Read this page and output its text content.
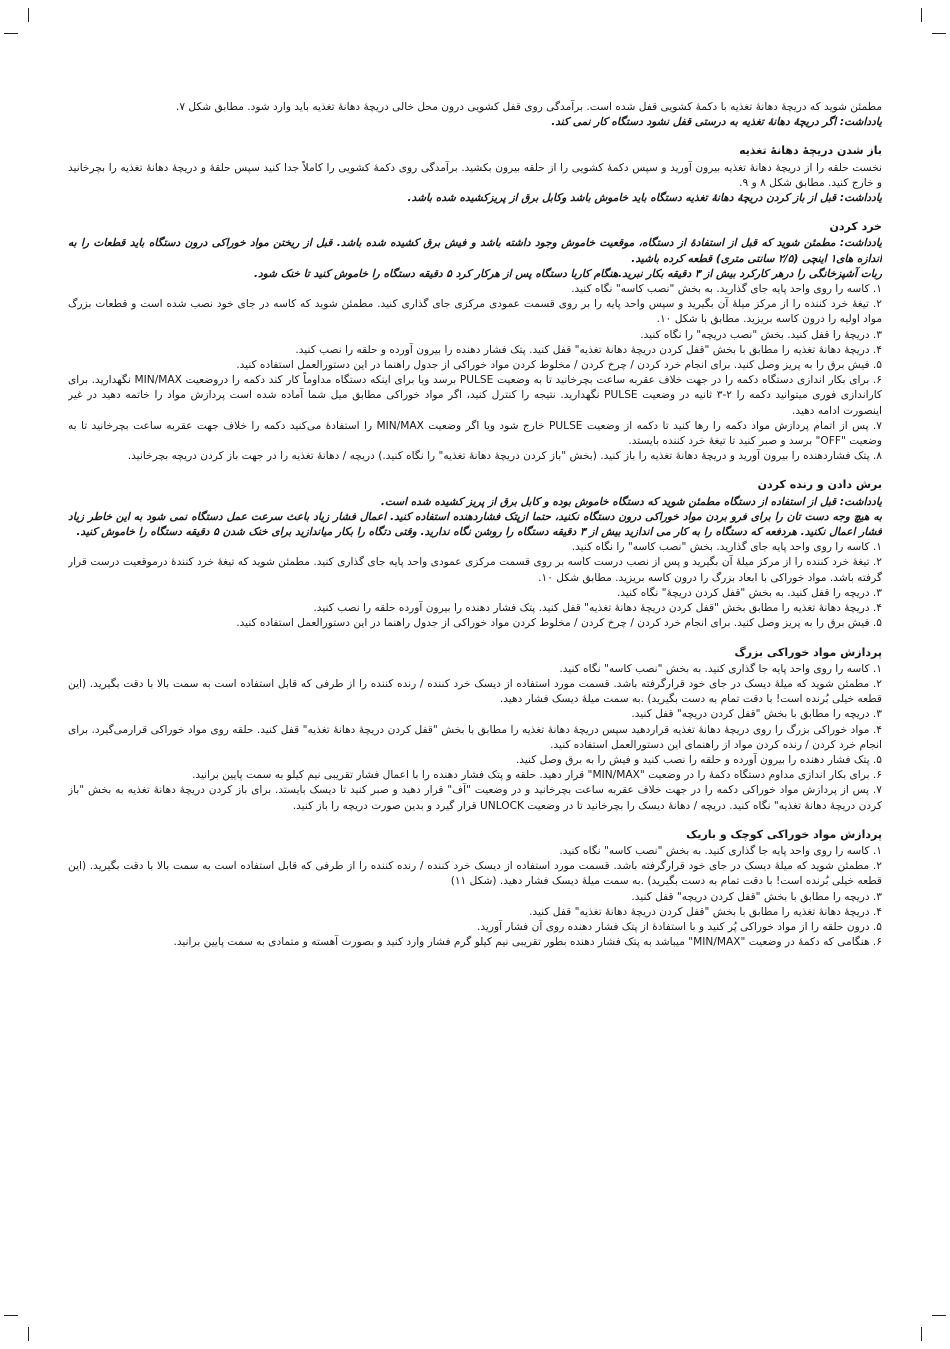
مطمئن شوید که دریچهٔ دهانهٔ تغذیه با دکمهٔ کشویی قفل شده است. برآمدگی روی قفل کشویی درون محل خالی دریچهٔ دهانهٔ تغذیه باید وارد شود. مطابق شکل ۷.
یادداشت: اگر دریچهٔ دهانهٔ تغذیه به درستی قفل نشود دستگاه کار نمی کند.
باز شدن دریچهٔ دهانهٔ تغذیه
نخست حلقه را از دریچهٔ دهانهٔ تغذیه بیرون آورید و سپس دکمهٔ کشویی را از حلقه بیرون بکشید. برآمدگی روی دکمهٔ کشویی را کاملاً جدا کنید سپس حلقهٔ و دریچهٔ دهانهٔ تغذیه را بچرخانید و خارج کنید. مطابق شکل ۸ و ۹.
یادداشت: قبل از باز کردن دریچهٔ دهانهٔ تغذیه دستگاه باید خاموش باشد وکابل برق از پریزکشیده شده باشد.
خرد کردن
یادداشت: مطمئن شوید که قبل از استفادهٔ از دستگاه، موقعیت خاموش وجود داشته باشد و فیش برق کشیده شده باشد. قبل از ریختن مواد خوراکی درون دستگاه باید قطعات را به اندازه های۱ اینچی (۲/۵ سانتی متری) قطعه کرده باشید.
ربات آشپزخانگی را درهر کارکرد بیش از ۳ دقیقه بکار نبرید.هنگام کاربا دستگاه پس از هرکار کرد ۵ دقیقه دستگاه را خاموش کنید تا خنک شود.

۱. کاسه را روی واحد پایه جای گذارید. به بخش "نصب کاسه" نگاه کنید.

۲. تیغهٔ خرد کننده را از مرکز میلهٔ آن بگیرید و سپس واحد پایه را بر روی قسمت عمودی مرکزی جای گذاری کنید. مطمئن شوید که کاسه در جای خود نصب شده است و قطعات بزرگ مواد اولیه را درون کاسه بریزید. مطابق با شکل ۱۰.

۳. دریچهٔ را قفل کنید. بخش "نصب دریچه" را نگاه کنید.

۴. دریچهٔ دهانهٔ تغذیه را مطابق با بخش "قفل کردن دریچهٔ دهانهٔ تغذیه" قفل کنید. پتک فشار دهنده را بیرون آورده و حلقه را نصب کنید.

۵. فیش برق را به پریز وصل کنید. برای انجام خرد کردن / چرخ کردن / مخلوط کردن مواد خوراکی از جدول راهنما در این دستورالعمل استفاده کنید.

۶. برای بکار اندازی دستگاه دکمه را در جهت خلاف عقربه ساعت بچرخانید تا به وضعیت PULSE برسد ویا برای اینکه دستگاه مداوماً کار کند دکمه را دروضعیت MIN/MAX نگهدارید. برای کاراندازی فوری میتوانید دکمه را ۲-۳ ثانیه در وضعیت PULSE نگهدارید. نتیجه را کنترل کنید، اگر مواد خوراکی مطابق میل شما آماده شده است پردازش مواد را خاتمه دهید در غیر اینصورت ادامه دهید.

۷. پس از اتمام پردازش مواد دکمه را رها کنید تا دکمه از وضعیت PULSE خارج شود ویا اگر وضعیت MIN/MAX را استفادهٔ می‌کنید دکمه را خلاف جهت عقربه ساعت بچرخانید تا به وضعیت "OFF" برسد و صبر کنید تا تیغهٔ خرد کننده بایستد.

۸. پتک فشاردهنده را بیرون آورید و دریچهٔ دهانهٔ تغذیه را باز کنید. (بخش "باز کردن دریچهٔ دهانهٔ تغذیه" را نگاه کنید.) دریچه / دهانهٔ تغذیه را در جهت باز کردن دریچه بچرخانید.

برش دادن و رنده کردن
یادداشت: قبل از استفاده از دستگاه مطمئن شوید که دستگاه خاموش بوده و کابل برق از پریز کشیده شده است.
به هیچ وجه دست تان را برای فرو بردن مواد خوراکی درون دستگاه نکنید، حتما ازپتک فشاردهنده استفاده کنید. اعمال فشار زیاد باعث سرعت عمل دستگاه نمی شود به این خاطر زیاد فشار اعمال نکنید. هردفعه که دستگاه را به کار می اندازید بیش از ۳ دقیقه دستگاه را روشن نگاه ندارید. وقتی دتگاه را بکار میاندازید برای خنک شدن ۵ دقیقه دستگاه را خاموش کنید.

۱. کاسه را روی واحد پایه جای گذارید. بخش "نصب کاسه" را نگاه کنید.

۲. تیغهٔ خرد کننده را از مرکز میلهٔ آن بگیرید و پس از نصب درست کاسه بر روی قسمت مرکزی عمودی واحد پایه جای گذاری کنید. مطمئن شوید که تیغهٔ خرد کنندهٔ درموقعیت درست قرار گرفته باشد. مواد خوراکی با ابعاد بزرگ را درون کاسه بریزید. مطابق شکل ۱۰.

۳. دریچه را قفل کنید. به بخش "قفل کردن دریچهٔ" نگاه کنید.

۴. دریچهٔ دهانهٔ تغذیه را مطابق بخش "قفل کردن دریچهٔ دهانهٔ تغذیه" قفل کنید. پتک فشار دهنده را بیرون آورده حلقه را نصب کنید.

۵. فیش برق را به پریز وصل کنید. برای انجام خرد کردن / چرخ کردن / مخلوط کردن مواد خوراکی از جدول راهنما در این دستورالعمل استفاده کنید.

پردازش مواد خوراکی بزرگ

۱. کاسه را روی واحد پایه جا گذاری کنید. به بخش "نصب کاسه" نگاه کنید.

۲. مطمئن شوید که میلهٔ دیسک در جای خود قرارگرفته باشد. قسمت مورد استفاده از دیسک خرد کننده / رنده کننده را از طرفی که قابل استفاده است به سمت بالا با دقت بگیرید. (این قطعه خیلی بُرنده است! با دقت تمام به دست بگیرید) .به سمت میلهٔ دیسک فشار دهید.

۳. دریچه را مطابق با بخش "قفل کردن دریچه" قفل کنید.

۴. مواد خوراکی بزرگ را روی دریچهٔ دهانهٔ تغذیه قراردهید سپس دریچهٔ دهانهٔ تغذیه را مطابق با بخش "قفل کردن دریچهٔ دهانهٔ تغذیه" قفل کنید. حلقه روی مواد خوراکی قرارمی‌گیرد. برای انجام خرد کردن / رنده کردن مواد از راهنمای این دستورالعمل استفاده کنید.

۵. پتک فشار دهنده را بیرون آورده و حلقه را نصب کنید و فیش را به برق وصل کنید.

۶. برای بکار اندازی مداوم دستگاه دکمهٔ را در وضعیت "MIN/MAX" قرار دهید. حلقه و پتک فشار دهنده را با اعمال فشار تقریبی نیم کیلو به سمت پایین برانید.

۷. پس از پردازش مواد خوراکی دکمه را در جهت خلاف عقربه ساعت بچرخانید و در وضعیت "آف" قرار دهید و صبر کنید تا دیسک بایستد. برای باز کردن دریچهٔ دهانهٔ تغذیه به بخش "باز کردن دریچهٔ دهانهٔ تغذیه" نگاه کنید. دریچه / دهانهٔ دیسک را بچرخانید تا در وضعیت UNLOCK قرار گیرد و بدین صورت دریچه را باز کنید.

پردازش مواد خوراکی کوچک و باریک

۱. کاسه را روی واحد پایه جا گذاری کنید. به بخش "نصب کاسه" نگاه کنید.

۲. مطمئن شوید که میلهٔ دیسک در جای خود قرارگرفته باشد. قسمت مورد استفاده از دیسک خرد کننده / رنده کننده را از طرفی که قابل استفاده است به سمت بالا با دقت بگیرید. (این قطعه خیلی بُرنده است! با دقت تمام به دست بگیرید) .به سمت میلهٔ دیسک فشار دهید. (شکل ۱۱)

۳. دریچه را مطابق با بخش "قفل کردن دریچه" قفل کنید.

۴. دریچهٔ دهانهٔ تغذیه را مطابق با بخش "قفل کردن دریچهٔ دهانهٔ تغذیه" قفل کنید.

۵. درون حلقه را از مواد خوراکی پُر کنید و با استفادهٔ از پتک فشار دهنده روی آن فشار آورید.

۶. هنگامی که دکمهٔ در وضعیت "MIN/MAX" میباشد به پتک فشار دهنده بطور تقریبی نیم کیلو گرم فشار وارد کنید و بصورت آهسته و متمادی به سمت پایین برانید.
